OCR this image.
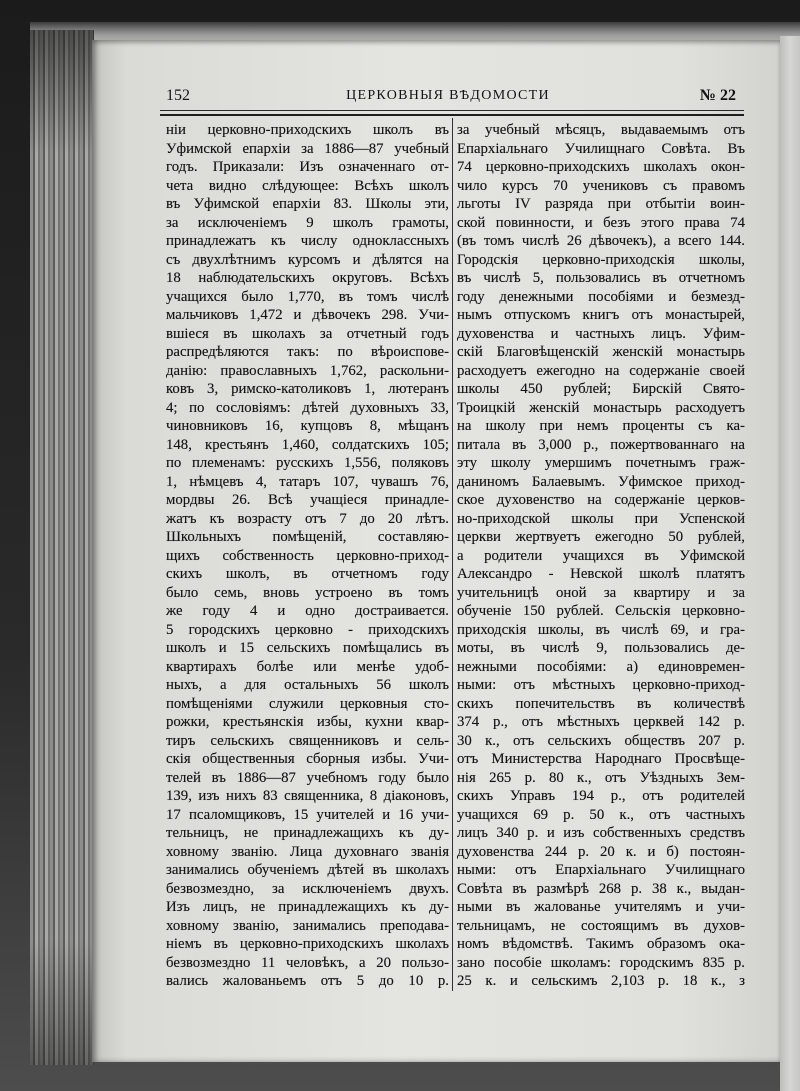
152	ЦЕРКОВНЫЯ ВѢДОМОСТИ	№ 22
нiи церковно-приходскихъ школъ въ
Уфимской епархiи за 1886—87 учебный
годъ. Приказали: Изъ означеннаго от-
чета видно слѣдующее: Всѣхъ школъ
въ Уфимской епархiи 83. Школы эти,
за исключенiемъ 9 школъ грамоты,
принадлежатъ къ числу одноклассныхъ
съ двухлѣтнимъ курсомъ и дѣлятся на
18 наблюдательскихъ округовъ. Всѣхъ
учащихся было 1,770, въ томъ числѣ
мальчиковъ 1,472 и дѣвочекъ 298. Учи-
вшiеся въ школахъ за отчетный годъ
распредѣляются такъ: по вѣроиспове-
данiю: православныхъ 1,762, раскольни-
ковъ 3, римско-католиковъ 1, лютеранъ
4; по сословiямъ: дѣтей духовныхъ 33,
чиновниковъ 16, купцовъ 8, мѣщанъ
148, крестьянъ 1,460, солдатскихъ 105;
по племенамъ: русскихъ 1,556, поляковъ
1, нѣмцевъ 4, татаръ 107, чувашъ 76,
мордвы 26. Всѣ учащiеся принадле-
жатъ къ возрасту отъ 7 до 20 лѣтъ.
Школьныхъ помѣщенiй, составляю-
щихъ собственность церковно-приход-
скихъ школъ, въ отчетномъ году
было семь, вновь устроено въ томъ
же году 4 и одно достраивается.
5 городскихъ церковно - приходскихъ
школъ и 15 сельскихъ помѣщались въ
квартирахъ болѣе или менѣе удоб-
ныхъ, а для остальныхъ 56 школъ
помѣщенiями служили церковныя сто-
рожки, крестьянскiя избы, кухни квар-
тиръ сельскихъ священниковъ и сель-
скiя общественныя сборныя избы. Учи-
телей въ 1886—87 учебномъ году было
139, изъ нихъ 83 священника, 8 дiаконовъ,
17 псаломщиковъ, 15 учителей и 16 учи-
тельницъ, не принадлежащихъ къ ду-
ховному званiю. Лица духовнаго званiя
занимались обученiемъ дѣтей въ школахъ
безвозмездно, за исключенiемъ двухъ.
Изъ лицъ, не принадлежащихъ къ ду-
ховному званiю, занимались преподава-
нiемъ въ церковно-приходскихъ школахъ
безвозмездно 11 человѣкъ, а 20 пользо-
вались жалованьемъ отъ 5 до 10 р.
за учебный мѣсяцъ, выдаваемымъ отъ
Епархiальнаго Училищнаго Совѣта. Въ
74 церковно-приходскихъ школахъ окон-
чило курсъ 70 учениковъ съ правомъ
льготы IV разряда при отбытiи воин-
ской повинности, и безъ этого права 74
(въ томъ числѣ 26 дѣвочекъ), а всего 144.
Городскiя церковно-приходскiя школы,
въ числѣ 5, пользовались въ отчетномъ
году денежными пособiями и безмезд-
нымъ отпускомъ книгъ отъ монастырей,
духовенства и частныхъ лицъ. Уфим-
скiй Благовѣщенскiй женскiй монастырь
расходуетъ ежегодно на содержанiе своей
школы 450 рублей; Бирскiй Свято-
Троицкiй женскiй монастырь расходуетъ
на школу при немъ проценты съ ка-
питала въ 3,000 р., пожертвованнаго на
эту школу умершимъ почетнымъ граж-
даниномъ Балаевымъ. Уфимское приход-
ское духовенство на содержанiе церков-
но-приходской школы при Успенской
церкви жертвуетъ ежегодно 50 рублей,
а родители учащихся въ Уфимской
Александро - Невской школѣ платятъ
учительницѣ оной за квартиру и за
обученiе 150 рублей. Сельскiя церковно-
приходскiя школы, въ числѣ 69, и гра-
моты, въ числѣ 9, пользовались де-
нежными пособiями: а) единовремен-
ными: отъ мѣстныхъ церковно-приход-
скихъ попечительствъ въ количествѣ
374 р., отъ мѣстныхъ церквей 142 р.
30 к., отъ сельскихъ обществъ 207 р.
отъ Министерства Народнаго Просвѣще-
нiя 265 р. 80 к., отъ Уѣздныхъ Зем-
скихъ Управъ 194 р., отъ родителей
учащихся 69 р. 50 к., отъ частныхъ
лицъ 340 р. и изъ собственныхъ средствъ
духовенства 244 р. 20 к. и б) постоян-
ными: отъ Епархiальнаго Училищнаго
Совѣта въ размѣрѣ 268 р. 38 к., выдан-
ными въ жалованье учителямъ и учи-
тельницамъ, не состоящимъ въ духов-
номъ вѣдомствѣ. Такимъ образомъ ока-
зано пособiе школамъ: городскимъ 835 р.
25 к. и сельскимъ 2,103 р. 18 к., з
